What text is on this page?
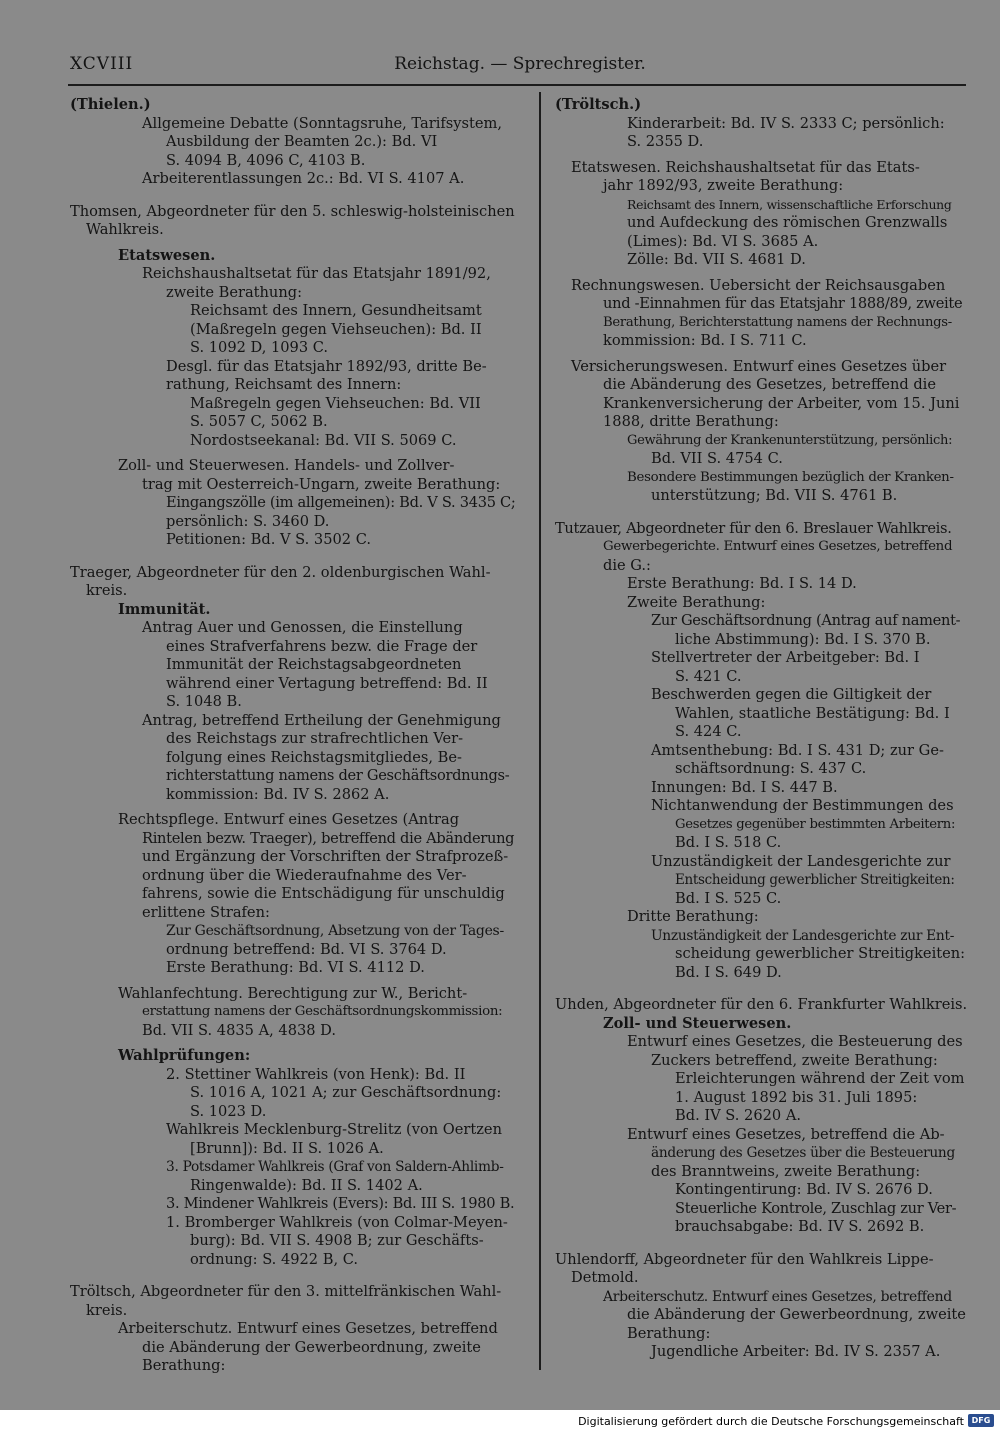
XCVIII	Reichstag. — Sprechregister.
(Thielen.)
Allgemeine Debatte (Sonntagsruhe, Tarifsystem,
Ausbildung der Beamten 2c.): Bd. VI
S. 4094 B, 4096 C, 4103 B.
Arbeiterentlassungen 2c.: Bd. VI S. 4107 A.
Thomsen, Abgeordneter für den 5. schleswig-holsteinischen
Wahlkreis.
Etatswesen.
Reichshaushaltsetat für das Etatsjahr 1891/92,
zweite Berathung:
Reichsamt des Innern, Gesundheitsamt
(Maßregeln gegen Viehseuchen): Bd. II
S. 1092 D, 1093 C.
Desgl. für das Etatsjahr 1892/93, dritte Be-
rathung, Reichsamt des Innern:
Maßregeln gegen Viehseuchen: Bd. VII
S. 5057 C, 5062 B.
Nordostseekanal: Bd. VII S. 5069 C.
Zoll- und Steuerwesen. Handels- und Zollver-
trag mit Oesterreich-Ungarn, zweite Berathung:
Eingangszölle (im allgemeinen): Bd. V S. 3435 C;
persönlich: S. 3460 D.
Petitionen: Bd. V S. 3502 C.
Traeger, Abgeordneter für den 2. oldenburgischen Wahl-
kreis.
Immunität.
Antrag Auer und Genossen, die Einstellung
eines Strafverfahrens bezw. die Frage der
Immunität der Reichstagsabgeordneten
während einer Vertagung betreffend: Bd. II
S. 1048 B.
Antrag, betreffend Ertheilung der Genehmigung
des Reichstags zur strafrechtlichen Ver-
folgung eines Reichstagsmitgliedes, Be-
richterstattung namens der Geschäftsordnungs-
kommission: Bd. IV S. 2862 A.
Rechtspflege. Entwurf eines Gesetzes (Antrag
Rintelen bezw. Traeger), betreffend die Abänderung
und Ergänzung der Vorschriften der Strafprozeß-
ordnung über die Wiederaufnahme des Ver-
fahrens, sowie die Entschädigung für unschuldig
erlittene Strafen:
Zur Geschäftsordnung, Absetzung von der Tages-
ordnung betreffend: Bd. VI S. 3764 D.
Erste Berathung: Bd. VI S. 4112 D.
Wahlanfechtung. Berechtigung zur W., Bericht-
erstattung namens der Geschäftsordnungskommission:
Bd. VII S. 4835 A, 4838 D.
Wahlprüfungen:
2. Stettiner Wahlkreis (von Henk): Bd. II
S. 1016 A, 1021 A; zur Geschäftsordnung:
S. 1023 D.
Wahlkreis Mecklenburg-Strelitz (von Oertzen
[Brunn]): Bd. II S. 1026 A.
3. Potsdamer Wahlkreis (Graf von Saldern-Ahlimb-
Ringenwalde): Bd. II S. 1402 A.
3. Mindener Wahlkreis (Evers): Bd. III S. 1980 B.
1. Bromberger Wahlkreis (von Colmar-Meyen-
burg): Bd. VII S. 4908 B; zur Geschäfts-
ordnung: S. 4922 B, C.
Tröltsch, Abgeordneter für den 3. mittelfränkischen Wahl-
kreis.
Arbeiterschutz. Entwurf eines Gesetzes, betreffend
die Abänderung der Gewerbeordnung, zweite
Berathung:
(Tröltsch.)
Kinderarbeit: Bd. IV S. 2333 C; persönlich:
S. 2355 D.
Etatswesen. Reichshaushaltsetat für das Etats-
jahr 1892/93, zweite Berathung:
Reichsamt des Innern, wissenschaftliche Erforschung
und Aufdeckung des römischen Grenzwalls
(Limes): Bd. VI S. 3685 A.
Zölle: Bd. VII S. 4681 D.
Rechnungswesen. Uebersicht der Reichsausgaben
und -Einnahmen für das Etatsjahr 1888/89, zweite
Berathung, Berichterstattung namens der Rechnungs-
kommission: Bd. I S. 711 C.
Versicherungswesen. Entwurf eines Gesetzes über
die Abänderung des Gesetzes, betreffend die
Krankenversicherung der Arbeiter, vom 15. Juni
1888, dritte Berathung:
Gewährung der Krankenunterstützung, persönlich:
Bd. VII S. 4754 C.
Besondere Bestimmungen bezüglich der Kranken-
unterstützung; Bd. VII S. 4761 B.
Tutzauer, Abgeordneter für den 6. Breslauer Wahlkreis.
Gewerbegerichte. Entwurf eines Gesetzes, betreffend
die G.:
Erste Berathung: Bd. I S. 14 D.
Zweite Berathung:
Zur Geschäftsordnung (Antrag auf nament-
liche Abstimmung): Bd. I S. 370 B.
Stellvertreter der Arbeitgeber: Bd. I
S. 421 C.
Beschwerden gegen die Giltigkeit der
Wahlen, staatliche Bestätigung: Bd. I
S. 424 C.
Amtsenthebung: Bd. I S. 431 D; zur Ge-
schäftsordnung: S. 437 C.
Innungen: Bd. I S. 447 B.
Nichtanwendung der Bestimmungen des
Gesetzes gegenüber bestimmten Arbeitern:
Bd. I S. 518 C.
Unzuständigkeit der Landesgerichte zur
Entscheidung gewerblicher Streitigkeiten:
Bd. I S. 525 C.
Dritte Berathung:
Unzuständigkeit der Landesgerichte zur Ent-
scheidung gewerblicher Streitigkeiten:
Bd. I S. 649 D.
Uhden, Abgeordneter für den 6. Frankfurter Wahlkreis.
Zoll- und Steuerwesen.
Entwurf eines Gesetzes, die Besteuerung des
Zuckers betreffend, zweite Berathung:
Erleichterungen während der Zeit vom
1. August 1892 bis 31. Juli 1895:
Bd. IV S. 2620 A.
Entwurf eines Gesetzes, betreffend die Ab-
änderung des Gesetzes über die Besteuerung
des Branntweins, zweite Berathung:
Kontingentirung: Bd. IV S. 2676 D.
Steuerliche Kontrole, Zuschlag zur Ver-
brauchsabgabe: Bd. IV S. 2692 B.
Uhlendorff, Abgeordneter für den Wahlkreis Lippe-
Detmold.
Arbeiterschutz. Entwurf eines Gesetzes, betreffend
die Abänderung der Gewerbeordnung, zweite
Berathung:
Jugendliche Arbeiter: Bd. IV S. 2357 A.
Digitalisierung gefördert durch die Deutsche Forschungsgemeinschaft DFG
